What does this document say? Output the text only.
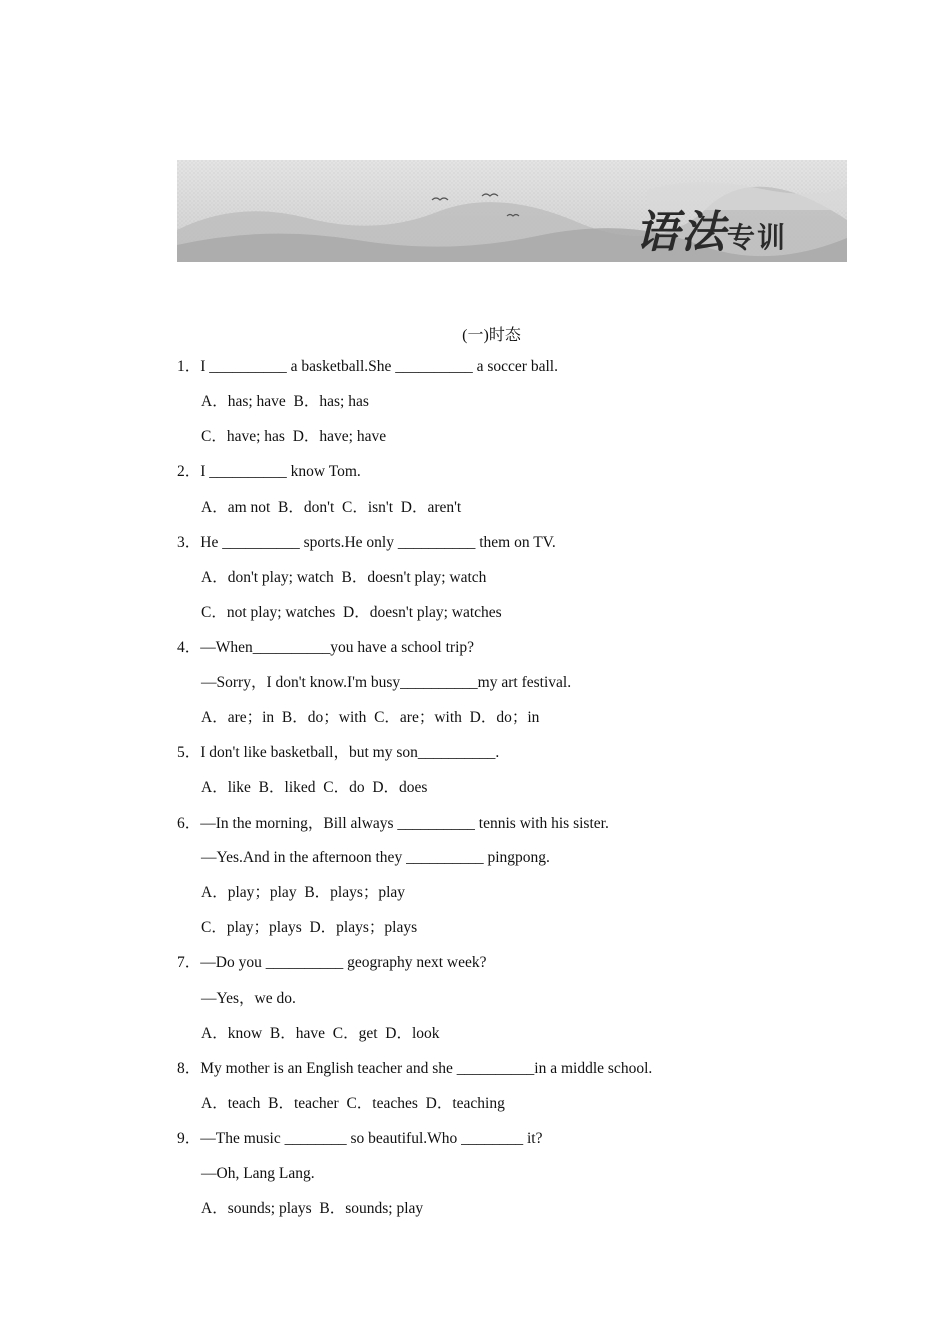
语法专训
(一)时态
1．I __________ a basketball.She __________ a soccer ball.
A．has; have  B．has; has
C．have; has  D．have; have
2．I __________ know Tom.
A．am not  B．don't  C．isn't  D．aren't
3．He __________ sports.He only __________ them on TV.
A．don't play; watch  B．doesn't play; watch
C．not play; watches  D．doesn't play; watches
4．—When__________you have a school trip?
—Sorry，I don't know.I'm busy__________my art festival.
A．are；in  B．do；with  C．are；with  D．do；in
5．I don't like basketball，but my son__________.
A．like  B．liked  C．do  D．does
6．—In the morning，Bill always __________ tennis with his sister.
—Yes.And in the afternoon they __________ pingpong.
A．play；play  B．plays；play
C．play；plays  D．plays；plays
7．—Do you __________ geography next week?
—Yes，we do.
A．know  B．have  C．get  D．look
8．My mother is an English teacher and she __________in a middle school.
A．teach  B．teacher  C．teaches  D．teaching
9．—The music ________ so beautiful.Who ________ it?
—Oh, Lang Lang.
A．sounds; plays  B．sounds; play
